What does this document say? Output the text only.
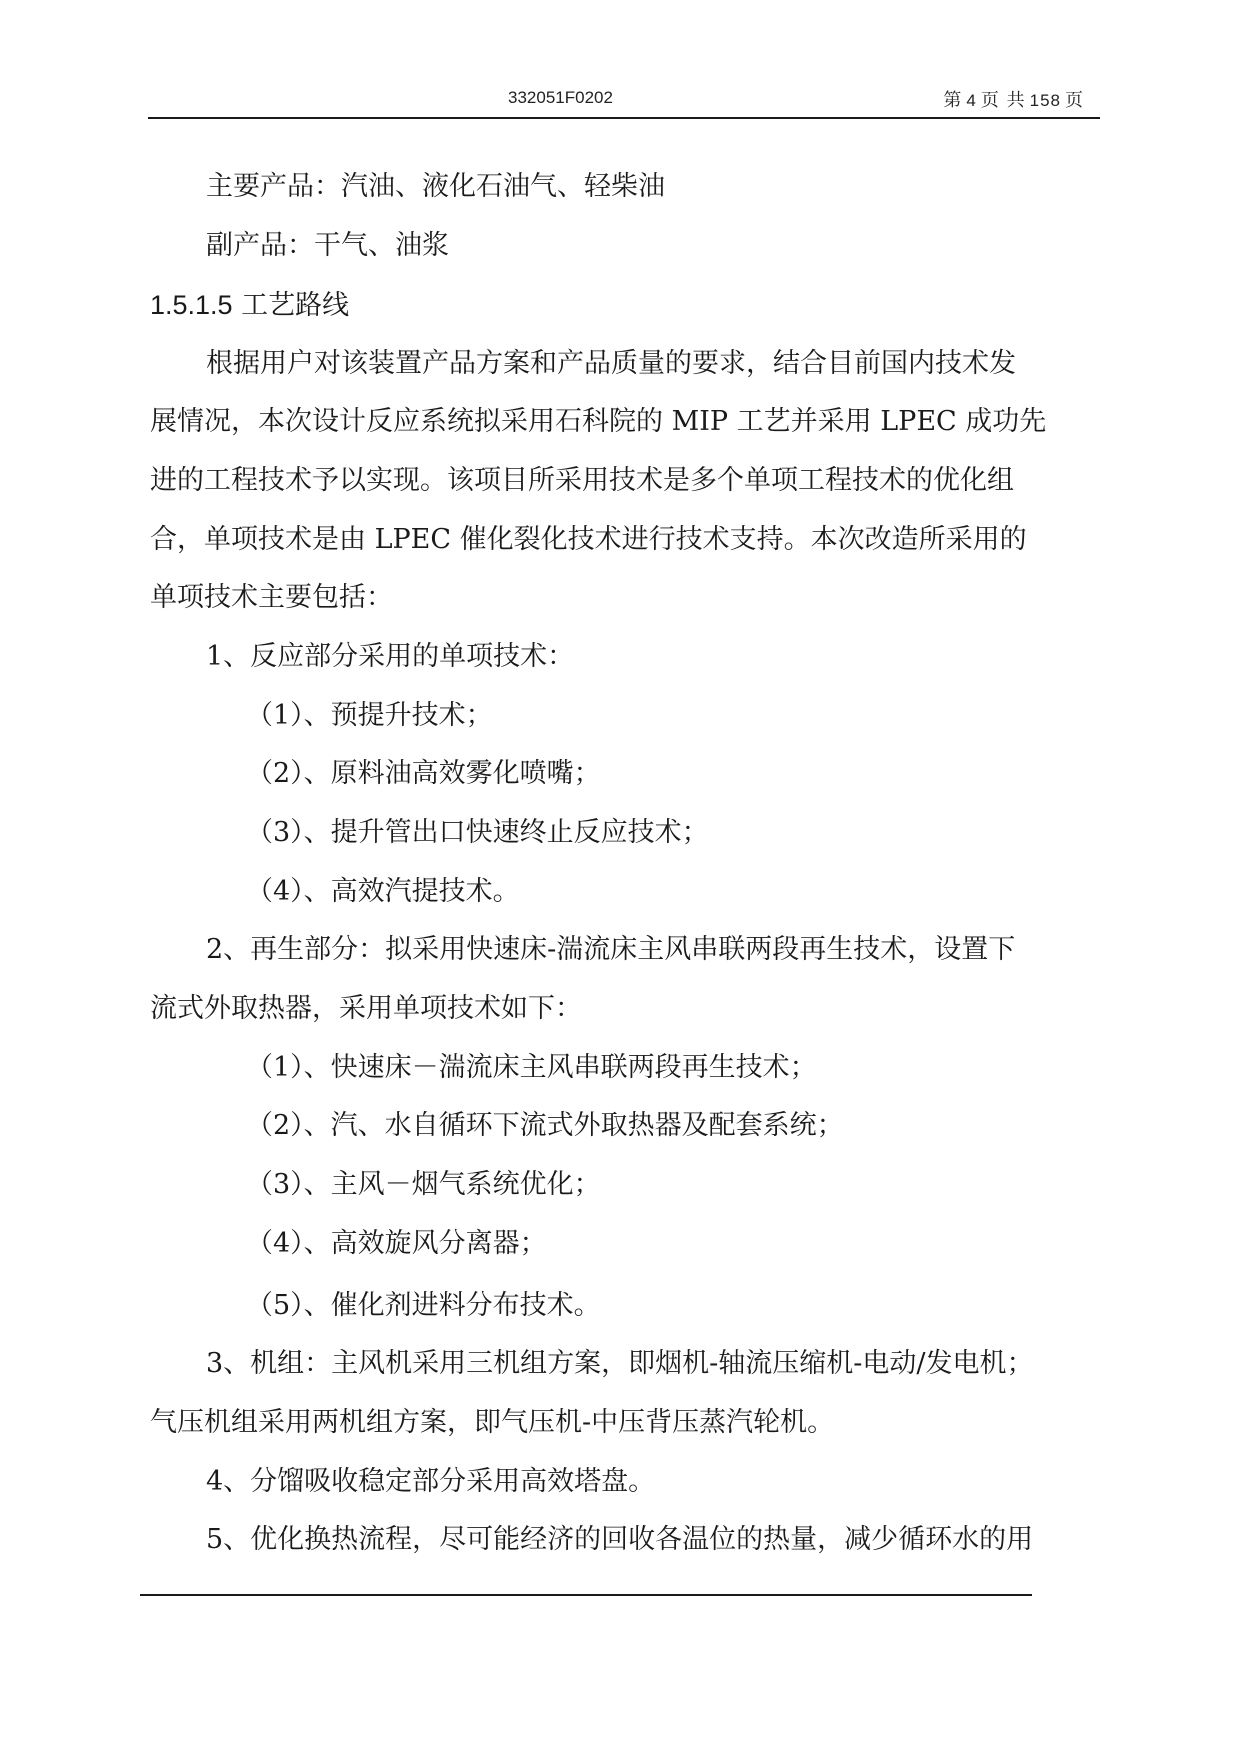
332051F0202	第 4 页 共 158 页
主要产品：汽油、液化石油气、轻柴油
副产品：干气、油浆
1.5.1.5 工艺路线
根据用户对该装置产品方案和产品质量的要求，结合目前国内技术发
展情况，本次设计反应系统拟采用石科院的 MIP 工艺并采用 LPEC 成功先
进的工程技术予以实现。该项目所采用技术是多个单项工程技术的优化组
合，单项技术是由 LPEC 催化裂化技术进行技术支持。本次改造所采用的
单项技术主要包括：
1、反应部分采用的单项技术：
（1）、预提升技术；
（2）、原料油高效雾化喷嘴；
（3）、提升管出口快速终止反应技术；
（4）、高效汽提技术。
2、再生部分：拟采用快速床-湍流床主风串联两段再生技术，设置下
流式外取热器，采用单项技术如下：
（1）、快速床－湍流床主风串联两段再生技术；
（2）、汽、水自循环下流式外取热器及配套系统；
（3）、主风－烟气系统优化；
（4）、高效旋风分离器；
（5）、催化剂进料分布技术。
3、机组：主风机采用三机组方案，即烟机-轴流压缩机-电动/发电机；
气压机组采用两机组方案，即气压机-中压背压蒸汽轮机。
4、分馏吸收稳定部分采用高效塔盘。
5、优化换热流程，尽可能经济的回收各温位的热量，减少循环水的用
